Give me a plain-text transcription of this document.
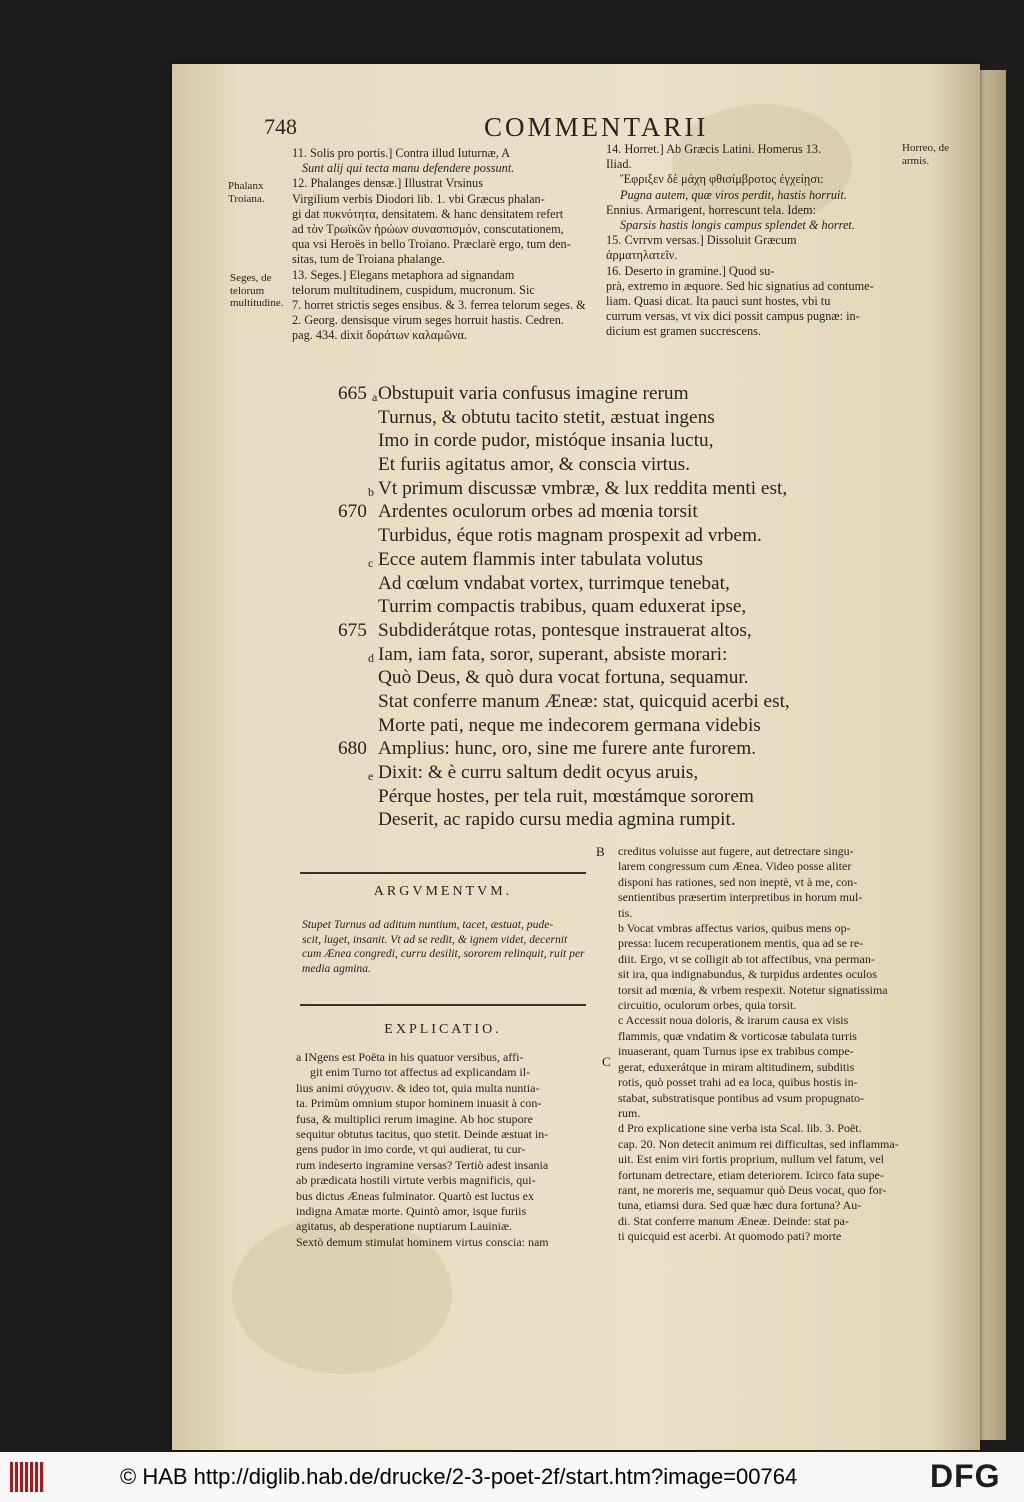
748	COMMENTARII
11. Solis pro portis.] Contra illud Iuturnæ, A
Sunt alij qui tecta manu defendere possunt.
12. Phalanges densæ.] Illustrat Vrsinus
Virgilium verbis Diodori lib. 1. vbi Græcus phalan-
gi dat πυκνότητα, densitatem. & hanc densitatem refert
ad τὸν Τρωϊκῶν ἡρώων συνασπισμόν, conscutationem,
qua vsi Heroës in bello Troiano. Præclarè ergo, tum den-
sitas, tum de Troiana phalange.
13. Seges.] Elegans metaphora ad signandam
telorum multitudinem, cuspidum, mucronum. Sic
7. horret strictis seges ensibus. & 3. ferrea telorum seges. &
2. Georg. densisque virum seges horruit hastis. Cedren.
pag. 434. dixit δοράτων καλαμῶνα.
Phalanx Troiana.
Seges, de telorum multitudine.
Horreo, de armis.
14. Horret.] Ab Græcis Latini. Homerus 13.
Iliad.
Ἔφριξεν δὲ μάχη φθισίμβροτος ἐγχείῃσι:
Pugna autem, quæ viros perdit, hastis horruit.
Ennius. Armarigent, horrescunt tela. Idem:
Sparsis hastis longis campus splendet & horret.
15. Cvrrvm versas.] Dissoluit Græcum
ἁρματηλατεῖν.
16. Deserto in gramine.] Quod su-
prà, extremo in æquore. Sed hic signatius ad contume-
liam. Quasi dicat. Ita pauci sunt hostes, vbi tu
currum versas, vt vix dici possit campus pugnæ: in-
dicium est gramen succrescens.
665 a Obstupuit varia confusus imagine rerum
Turnus, & obtutu tacito stetit, æstuat ingens
Imo in corde pudor, mistóque insania luctu,
Et furiis agitatus amor, & conscia virtus.
b Vt primum discussæ vmbræ, & lux reddita menti est,
670 Ardentes oculorum orbes ad mœnia torsit
Turbidus, éque rotis magnam prospexit ad vrbem.
c Ecce autem flammis inter tabulata volutus
Ad cœlum vndabat vortex, turrimque tenebat,
Turrim compactis trabibus, quam eduxerat ipse,
675 Subdiderátque rotas, pontesque instrauerat altos,
d Iam, iam fata, soror, superant, absiste morari:
Quò Deus, & quò dura vocat fortuna, sequamur.
Stat conferre manum Æneæ: stat, quicquid acerbi est,
Morte pati, neque me indecorem germana videbis
680 Amplius: hunc, oro, sine me furere ante furorem.
e Dixit: & è curru saltum dedit ocyus aruis,
Pérque hostes, per tela ruit, mœstámque sororem
Deserit, ac rapido cursu media agmina rumpit.
ARGVMENTVM.
Stupet Turnus ad aditum nuntium, tacet, æstuat, pude-
scit, luget, insanit. Vt ad se redit, & ignem videt, decernit
cum Ænea congredi, curru desilit, sororem relinquit, ruit per
media agmina.
EXPLICATIO.
a INgens est Poëta in his quatuor versibus, affi-
git enim Turno tot affectus ad explicandam il-
lius animi σύγχυσιν. & ideo tot, quia multa nuntia-
ta. Primùm omnium stupor hominem inuasit à con-
fusa, & multiplici rerum imagine. Ab hoc stupore
sequitur obtutus tacitus, quo stetit. Deinde æstuat in-
gens pudor in imo corde, vt qui audierat, tu cur-
rum indeserto ingramine versas? Tertiò adest insania
ab prædicata hostili virtute verbis magnificis, qui-
bus dictus Æneas fulminator. Quartò est luctus ex
indigna Amatæ morte. Quintò amor, isque furiis
agitatus, ab desperatione nuptiarum Lauiniæ.
Sextò demum stimulat hominem virtus conscia: nam
B
C
creditus voluisse aut fugere, aut detrectare singu-
larem congressum cum Ænea. Video posse aliter
disponi has rationes, sed non ineptè, vt à me, con-
sentientibus præsertim interpretibus in horum mul-
tis.
b Vocat vmbras affectus varios, quibus mens op-
pressa: lucem recuperationem mentis, qua ad se re-
diit. Ergo, vt se colligit ab tot affectibus, vna perman-
sit ira, qua indignabundus, & turpidus ardentes oculos
torsit ad mœnia, & vrbem respexit. Notetur signatissima
circuitio, oculorum orbes, quia torsit.
c Accessit noua doloris, & irarum causa ex visis
flammis, quæ vndatim & vorticosæ tabulata turris
inuaserant, quam Turnus ipse ex trabibus compe-
gerat, eduxerátque in miram altitudinem, subditis
rotis, quò posset trahi ad ea loca, quibus hostis in-
stabat, substratisque pontibus ad vsum propugnato-
rum.
d Pro explicatione sine verba ista Scal. lib. 3. Poët.
cap. 20. Non detecit animum rei difficultas, sed inflamma-
uit. Est enim viri fortis proprium, nullum vel fatum, vel
fortunam detrectare, etiam deteriorem. Icirco fata supe-
rant, ne moreris me, sequamur quò Deus vocat, quo for-
tuna, etiamsi dura. Sed quæ hæc dura fortuna? Au-
di. Stat conferre manum Æneæ. Deinde: stat pa-
ti quicquid est acerbi. At quomodo pati? morte
© HAB http://diglib.hab.de/drucke/2-3-poet-2f/start.htm?image=00764	DFG
